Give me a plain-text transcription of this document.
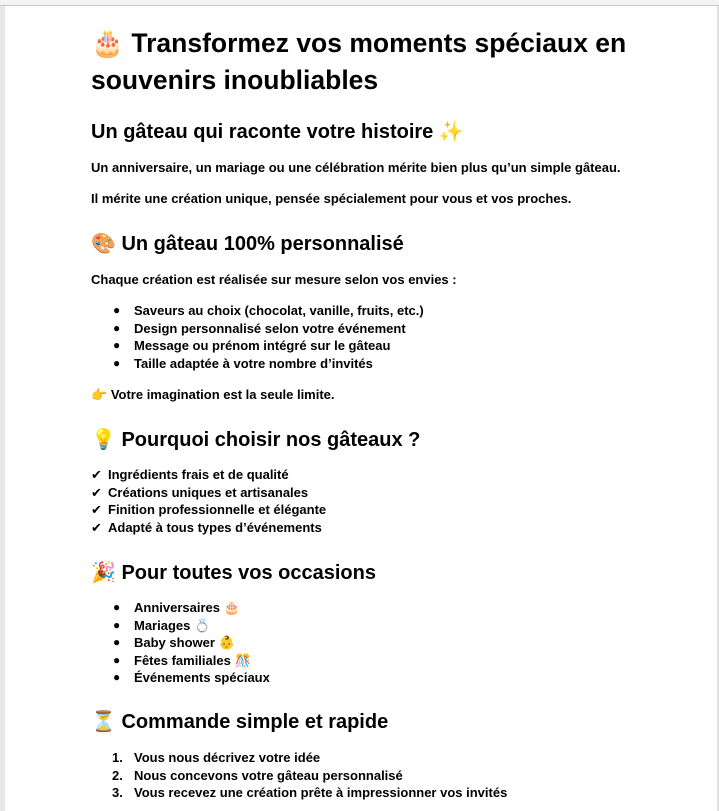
🎂 Transformez vos moments spéciaux en souvenirs inoubliables
Un gâteau qui raconte votre histoire ✨

Un anniversaire, un mariage ou une célébration mérite bien plus qu’un simple gâteau.

Il mérite une création unique, pensée spécialement pour vous et vos proches.

🎨 Un gâteau 100% personnalisé

Chaque création est réalisée sur mesure selon vos envies :

● Saveurs au choix (chocolat, vanille, fruits, etc.)
● Design personnalisé selon votre événement
● Message ou prénom intégré sur le gâteau
● Taille adaptée à votre nombre d’invités

👉 Votre imagination est la seule limite.

💡 Pourquoi choisir nos gâteaux ?
✔ Ingrédients frais et de qualité
✔ Créations uniques et artisanales
✔ Finition professionnelle et élégante
✔ Adapté à tous types d’événements
🎉 Pour toutes vos occasions
● Anniversaires 🎂
● Mariages 💍
● Baby shower 👶
● Fêtes familiales 🎊
● Événements spéciaux
⏳ Commande simple et rapide
1. Vous nous décrivez votre idée
2. Nous concevons votre gâteau personnalisé
3. Vous recevez une création prête à impressionner vos invités
